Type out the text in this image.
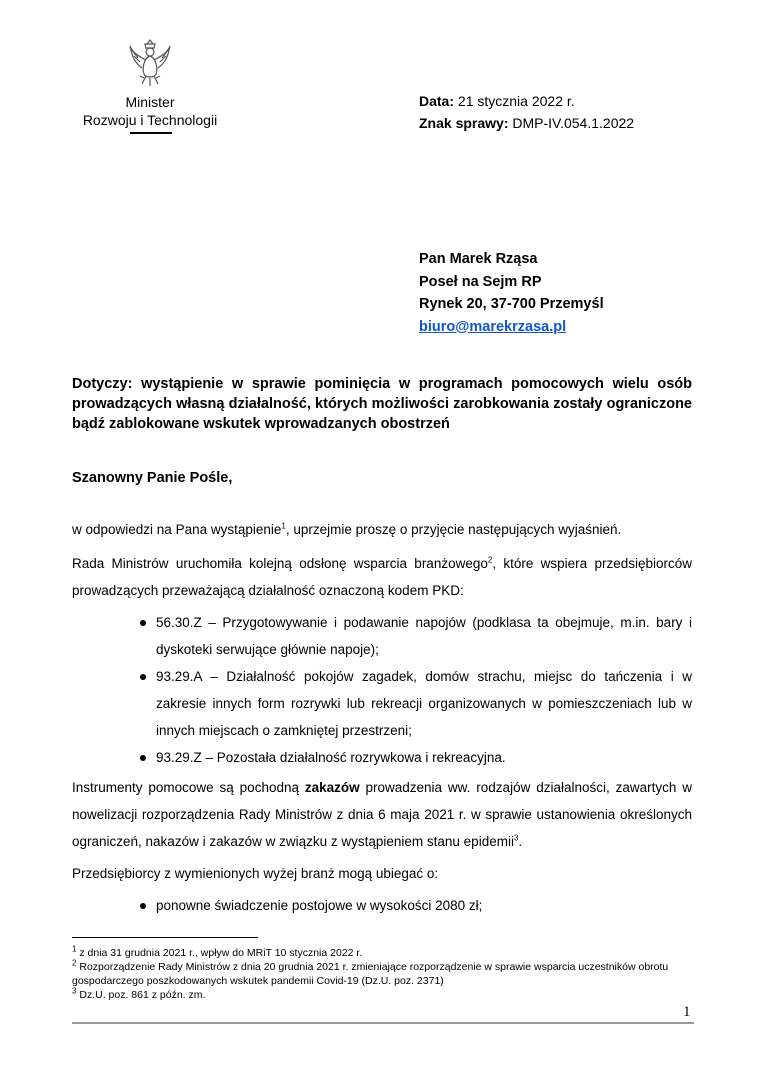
Minister
Rozwoju i Technologii
Data: 21 stycznia 2022 r.
Znak sprawy: DMP-IV.054.1.2022
Pan Marek Rząsa
Poseł na Sejm RP
Rynek 20, 37-700 Przemyśl
biuro@marekrzasa.pl
Dotyczy: wystąpienie w sprawie pominięcia w programach pomocowych wielu osób prowadzących własną działalność, których możliwości zarobkowania zostały ograniczone bądź zablokowane wskutek wprowadzanych obostrzeń
Szanowny Panie Pośle,
w odpowiedzi na Pana wystąpienie$^1$, uprzejmie proszę o przyjęcie następujących wyjaśnień.
Rada Ministrów uruchomiła kolejną odsłonę wsparcia branżowego$^2$, które wspiera przedsiębiorców prowadzących przeważającą działalność oznaczoną kodem PKD:

56.30.Z – Przygotowywanie i podawanie napojów (podklasa ta obejmuje, m.in. bary i dyskoteki serwujące głównie napoje);

93.29.A – Działalność pokojów zagadek, domów strachu, miejsc do tańczenia i w zakresie innych form rozrywki lub rekreacji organizowanych w pomieszczeniach lub w innych miejscach o zamkniętej przestrzeni;

93.29.Z – Pozostała działalność rozrywkowa i rekreacyjna.

Instrumenty pomocowe są pochodną zakazów prowadzenia ww. rodzajów działalności, zawartych w nowelizacji rozporządzenia Rady Ministrów z dnia 6 maja 2021 r. w sprawie ustanowienia określonych ograniczeń, nakazów i zakazów w związku z wystąpieniem stanu epidemii$^3$.
Przedsiębiorcy z wymienionych wyżej branż mogą ubiegać o:

ponowne świadczenie postojowe w wysokości 2080 zł;

$^1$ z dnia 31 grudnia 2021 r., wpływ do MRiT 10 stycznia 2022 r.

$^2$ Rozporządzenie Rady Ministrów z dnia 20 grudnia 2021 r. zmieniające rozporządzenie w sprawie wsparcia uczestników obrotu gospodarczego poszkodowanych wskutek pandemii Covid-19 (Dz.U. poz. 2371)

$^3$ Dz.U. poz. 861 z późn. zm.

1
